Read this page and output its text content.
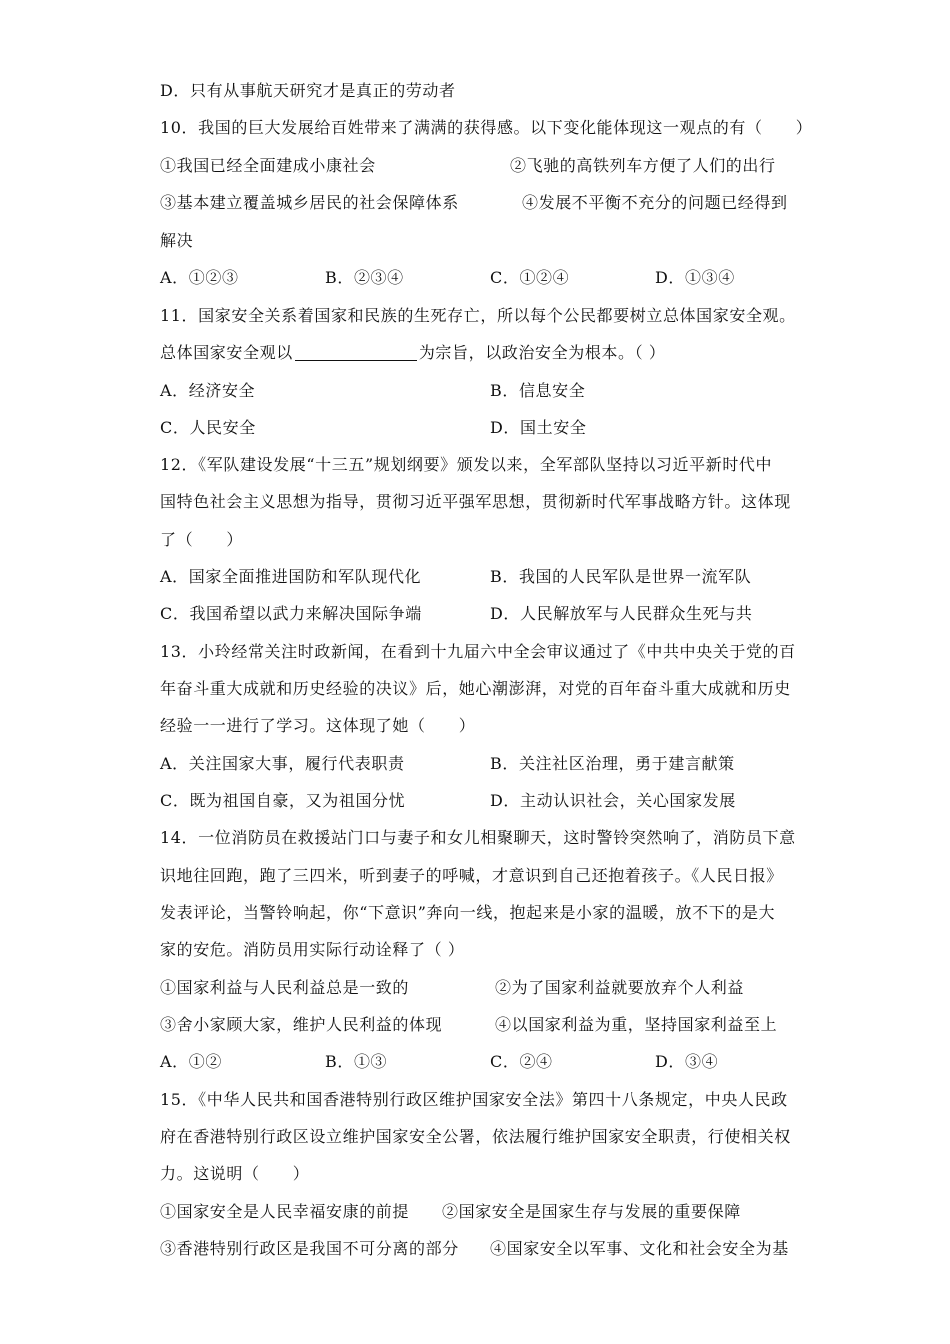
D．只有从事航天研究才是真正的劳动者
10．我国的巨大发展给百姓带来了满满的获得感。以下变化能体现这一观点的有（　　）
①我国已经全面建成小康社会	②飞驰的高铁列车方便了人们的出行
③基本建立覆盖城乡居民的社会保障体系	④发展不平衡不充分的问题已经得到
解决
A．①②③	B．②③④	C．①②④	D．①③④
11．国家安全关系着国家和民族的生死存亡，所以每个公民都要树立总体国家安全观。
总体国家安全观以	为宗旨，以政治安全为根本。（ ）
A．经济安全	B．信息安全
C．人民安全	D．国土安全
12．《军队建设发展“十三五”规划纲要》颁发以来，全军部队坚持以习近平新时代中
国特色社会主义思想为指导，贯彻习近平强军思想，贯彻新时代军事战略方针。这体现
了（　　）
A．国家全面推进国防和军队现代化	B．我国的人民军队是世界一流军队
C．我国希望以武力来解决国际争端	D．人民解放军与人民群众生死与共
13．小玲经常关注时政新闻，在看到十九届六中全会审议通过了《中共中央关于党的百
年奋斗重大成就和历史经验的决议》后，她心潮澎湃，对党的百年奋斗重大成就和历史
经验一一进行了学习。这体现了她（　　）
A．关注国家大事，履行代表职责	B．关注社区治理，勇于建言献策
C．既为祖国自豪，又为祖国分忧	D．主动认识社会，关心国家发展
14．一位消防员在救援站门口与妻子和女儿相聚聊天，这时警铃突然响了，消防员下意
识地往回跑，跑了三四米，听到妻子的呼喊，才意识到自己还抱着孩子。《人民日报》
发表评论，当警铃响起，你“下意识”奔向一线，抱起来是小家的温暖，放不下的是大
家的安危。消防员用实际行动诠释了（ ）
①国家利益与人民利益总是一致的	②为了国家利益就要放弃个人利益
③舍小家顾大家，维护人民利益的体现	④以国家利益为重，坚持国家利益至上
A．①②	B．①③	C．②④	D．③④
15．《中华人民共和国香港特别行政区维护国家安全法》第四十八条规定，中央人民政
府在香港特别行政区设立维护国家安全公署，依法履行维护国家安全职责，行使相关权
力。这说明（　　）
①国家安全是人民幸福安康的前提 ②国家安全是国家生存与发展的重要保障
③香港特别行政区是我国不可分离的部分 ④国家安全以军事、文化和社会安全为基
